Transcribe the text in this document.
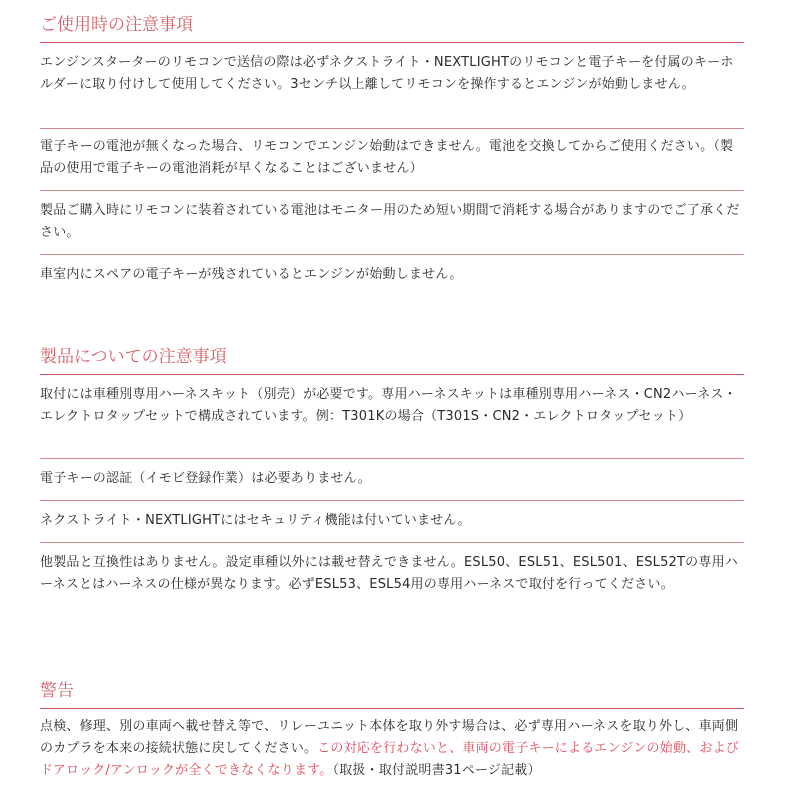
ご使用時の注意事項
エンジンスターターのリモコンで送信の際は必ずネクストライト・NEXTLIGHTのリモコンと電子キーを付属のキーホルダーに取り付けして使用してください。3センチ以上離してリモコンを操作するとエンジンが始動しません。
電子キーの電池が無くなった場合、リモコンでエンジン始動はできません。電池を交換してからご使用ください。（製品の使用で電子キーの電池消耗が早くなることはございません）
製品ご購入時にリモコンに装着されている電池はモニター用のため短い期間で消耗する場合がありますのでご了承ください。
車室内にスペアの電子キーが残されているとエンジンが始動しません。
製品についての注意事項
取付には車種別専用ハーネスキット（別売）が必要です。専用ハーネスキットは車種別専用ハーネス・CN2ハーネス・エレクトロタップセットで構成されています。例：T301Kの場合（T301S・CN2・エレクトロタップセット）
電子キーの認証（イモビ登録作業）は必要ありません。
ネクストライト・NEXTLIGHTにはセキュリティ機能は付いていません。
他製品と互換性はありません。設定車種以外には載せ替えできません。ESL50、ESL51、ESL501、ESL52Tの専用ハーネスとはハーネスの仕様が異なります。必ずESL53、ESL54用の専用ハーネスで取付を行ってください。
警告
点検、修理、別の車両へ載せ替え等で、リレーユニット本体を取り外す場合は、必ず専用ハーネスを取り外し、車両側のカプラを本来の接続状態に戻してください。この対応を行わないと、車両の電子キーによるエンジンの始動、およびドアロック/アンロックが全くできなくなります。（取扱・取付説明書31ページ記載）
